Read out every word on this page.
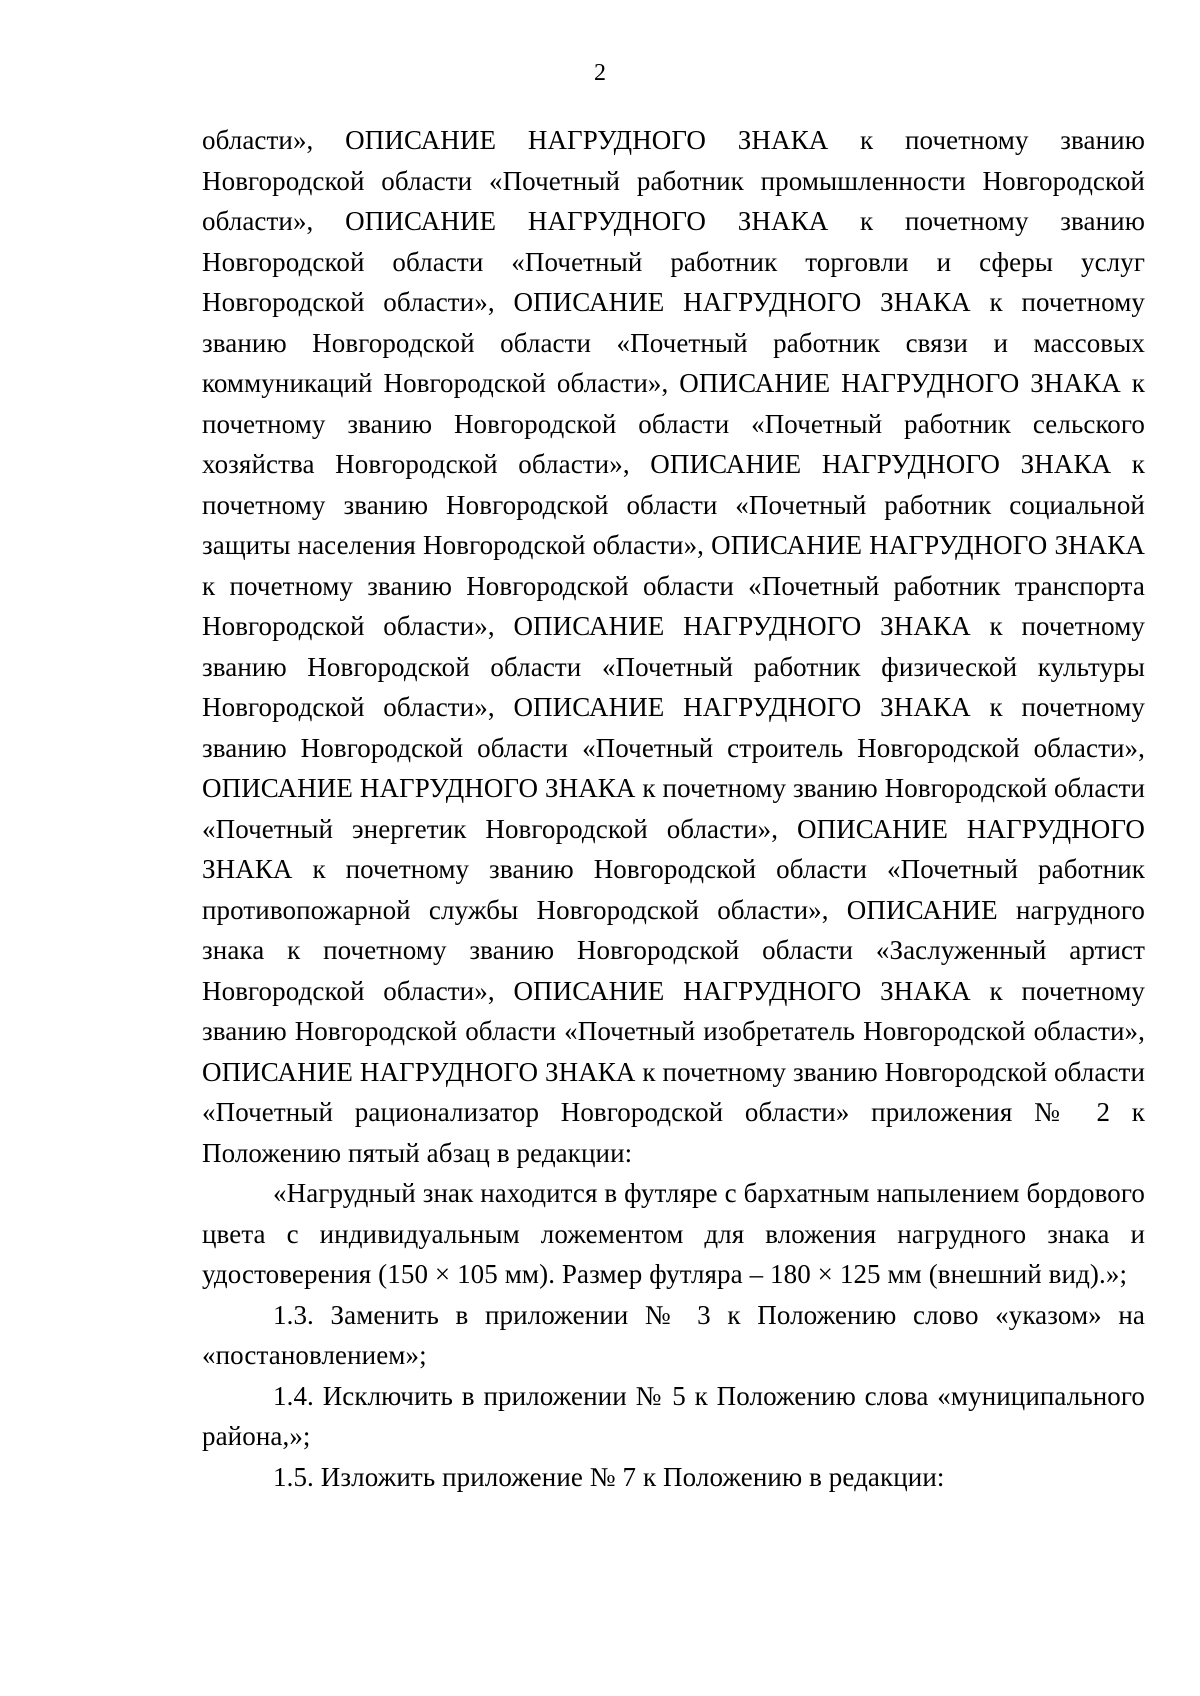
2

области», ОПИСАНИЕ НАГРУДНОГО ЗНАКА к почетному званию Новгородской области «Почетный работник промышленности Новгородской области», ОПИСАНИЕ НАГРУДНОГО ЗНАКА к почетному званию Новгородской области «Почетный работник торговли и сферы услуг Новгородской области», ОПИСАНИЕ НАГРУДНОГО ЗНАКА к почетному званию Новгородской области «Почетный работник связи и массовых коммуникаций Новгородской области», ОПИСАНИЕ НАГРУДНОГО ЗНАКА к почетному званию Новгородской области «Почетный работник сельского хозяйства Новгородской области», ОПИСАНИЕ НАГРУДНОГО ЗНАКА к почетному званию Новгородской области «Почетный работник социальной защиты населения Новгородской области», ОПИСАНИЕ НАГРУДНОГО ЗНАКА к почетному званию Новгородской области «Почетный работник транспорта Новгородской области», ОПИСАНИЕ НАГРУДНОГО ЗНАКА к почетному званию Новгородской области «Почетный работник физической культуры Новгородской области», ОПИСАНИЕ НАГРУДНОГО ЗНАКА к почетному званию Новгородской области «Почетный строитель Новгородской области», ОПИСАНИЕ НАГРУДНОГО ЗНАКА к почетному званию Новгородской области «Почетный энергетик Новгородской области», ОПИСАНИЕ НАГРУДНОГО ЗНАКА к почетному званию Новгородской области «Почетный работник противопожарной службы Новгородской области», ОПИСАНИЕ нагрудного знака к почетному званию Новгородской области «Заслуженный артист Новгородской области», ОПИСАНИЕ НАГРУДНОГО ЗНАКА к почетному званию Новгородской области «Почетный изобретатель Новгородской области», ОПИСАНИЕ НАГРУДНОГО ЗНАКА к почетному званию Новгородской области «Почетный рационализатор Новгородской области» приложения № 2 к Положению пятый абзац в редакции:

«Нагрудный знак находится в футляре с бархатным напылением бордового цвета с индивидуальным ложементом для вложения нагрудного знака и удостоверения (150 × 105 мм). Размер футляра – 180 × 125 мм (внешний вид).»;

1.3. Заменить в приложении № 3 к Положению слово «указом» на «постановлением»;

1.4. Исключить в приложении № 5 к Положению слова «муниципального района,»;

1.5. Изложить приложение № 7 к Положению в редакции:
